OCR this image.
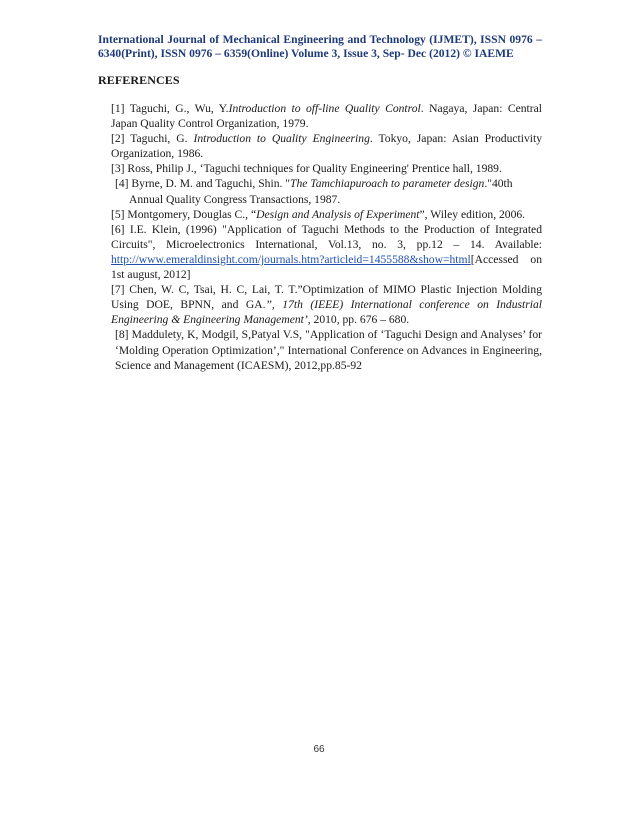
International Journal of Mechanical Engineering and Technology (IJMET), ISSN 0976 –
6340(Print), ISSN 0976 – 6359(Online) Volume 3, Issue 3, Sep- Dec (2012) © IAEME
REFERENCES

[1] Taguchi, G., Wu, Y.Introduction to off-line Quality Control. Nagaya, Japan: Central Japan Quality Control Organization, 1979.

[2] Taguchi, G. Introduction to Quality Engineering. Tokyo, Japan: Asian Productivity Organization, 1986.

[3] Ross, Philip J., ‘Taguchi techniques for Quality Engineering' Prentice hall, 1989.

[4] Byrne, D. M. and Taguchi, Shin. "The Tamchiapuroach to parameter design."40th
Annual Quality Congress Transactions, 1987.

[5] Montgomery, Douglas C., “Design and Analysis of Experiment”, Wiley edition, 2006.

[6] I.E. Klein, (1996) "Application of Taguchi Methods to the Production of Integrated Circuits", Microelectronics International, Vol.13, no. 3, pp.12 – 14. Available: http://www.emeraldinsight.com/journals.htm?articleid=1455588&show=html[Accessed on 1st august, 2012]

[7] Chen, W. C, Tsai, H. C, Lai, T. T.”Optimization of MIMO Plastic Injection Molding Using DOE, BPNN, and GA.”, 17th (IEEE) International conference on Industrial Engineering & Engineering Management’, 2010, pp. 676 – 680.

[8] Maddulety, K, Modgil, S,Patyal V.S, "Application of ‘Taguchi Design and Analyses’ for ‘Molding Operation Optimization’," International Conference on Advances in Engineering, Science and Management (ICAESM), 2012,pp.85-92

66
